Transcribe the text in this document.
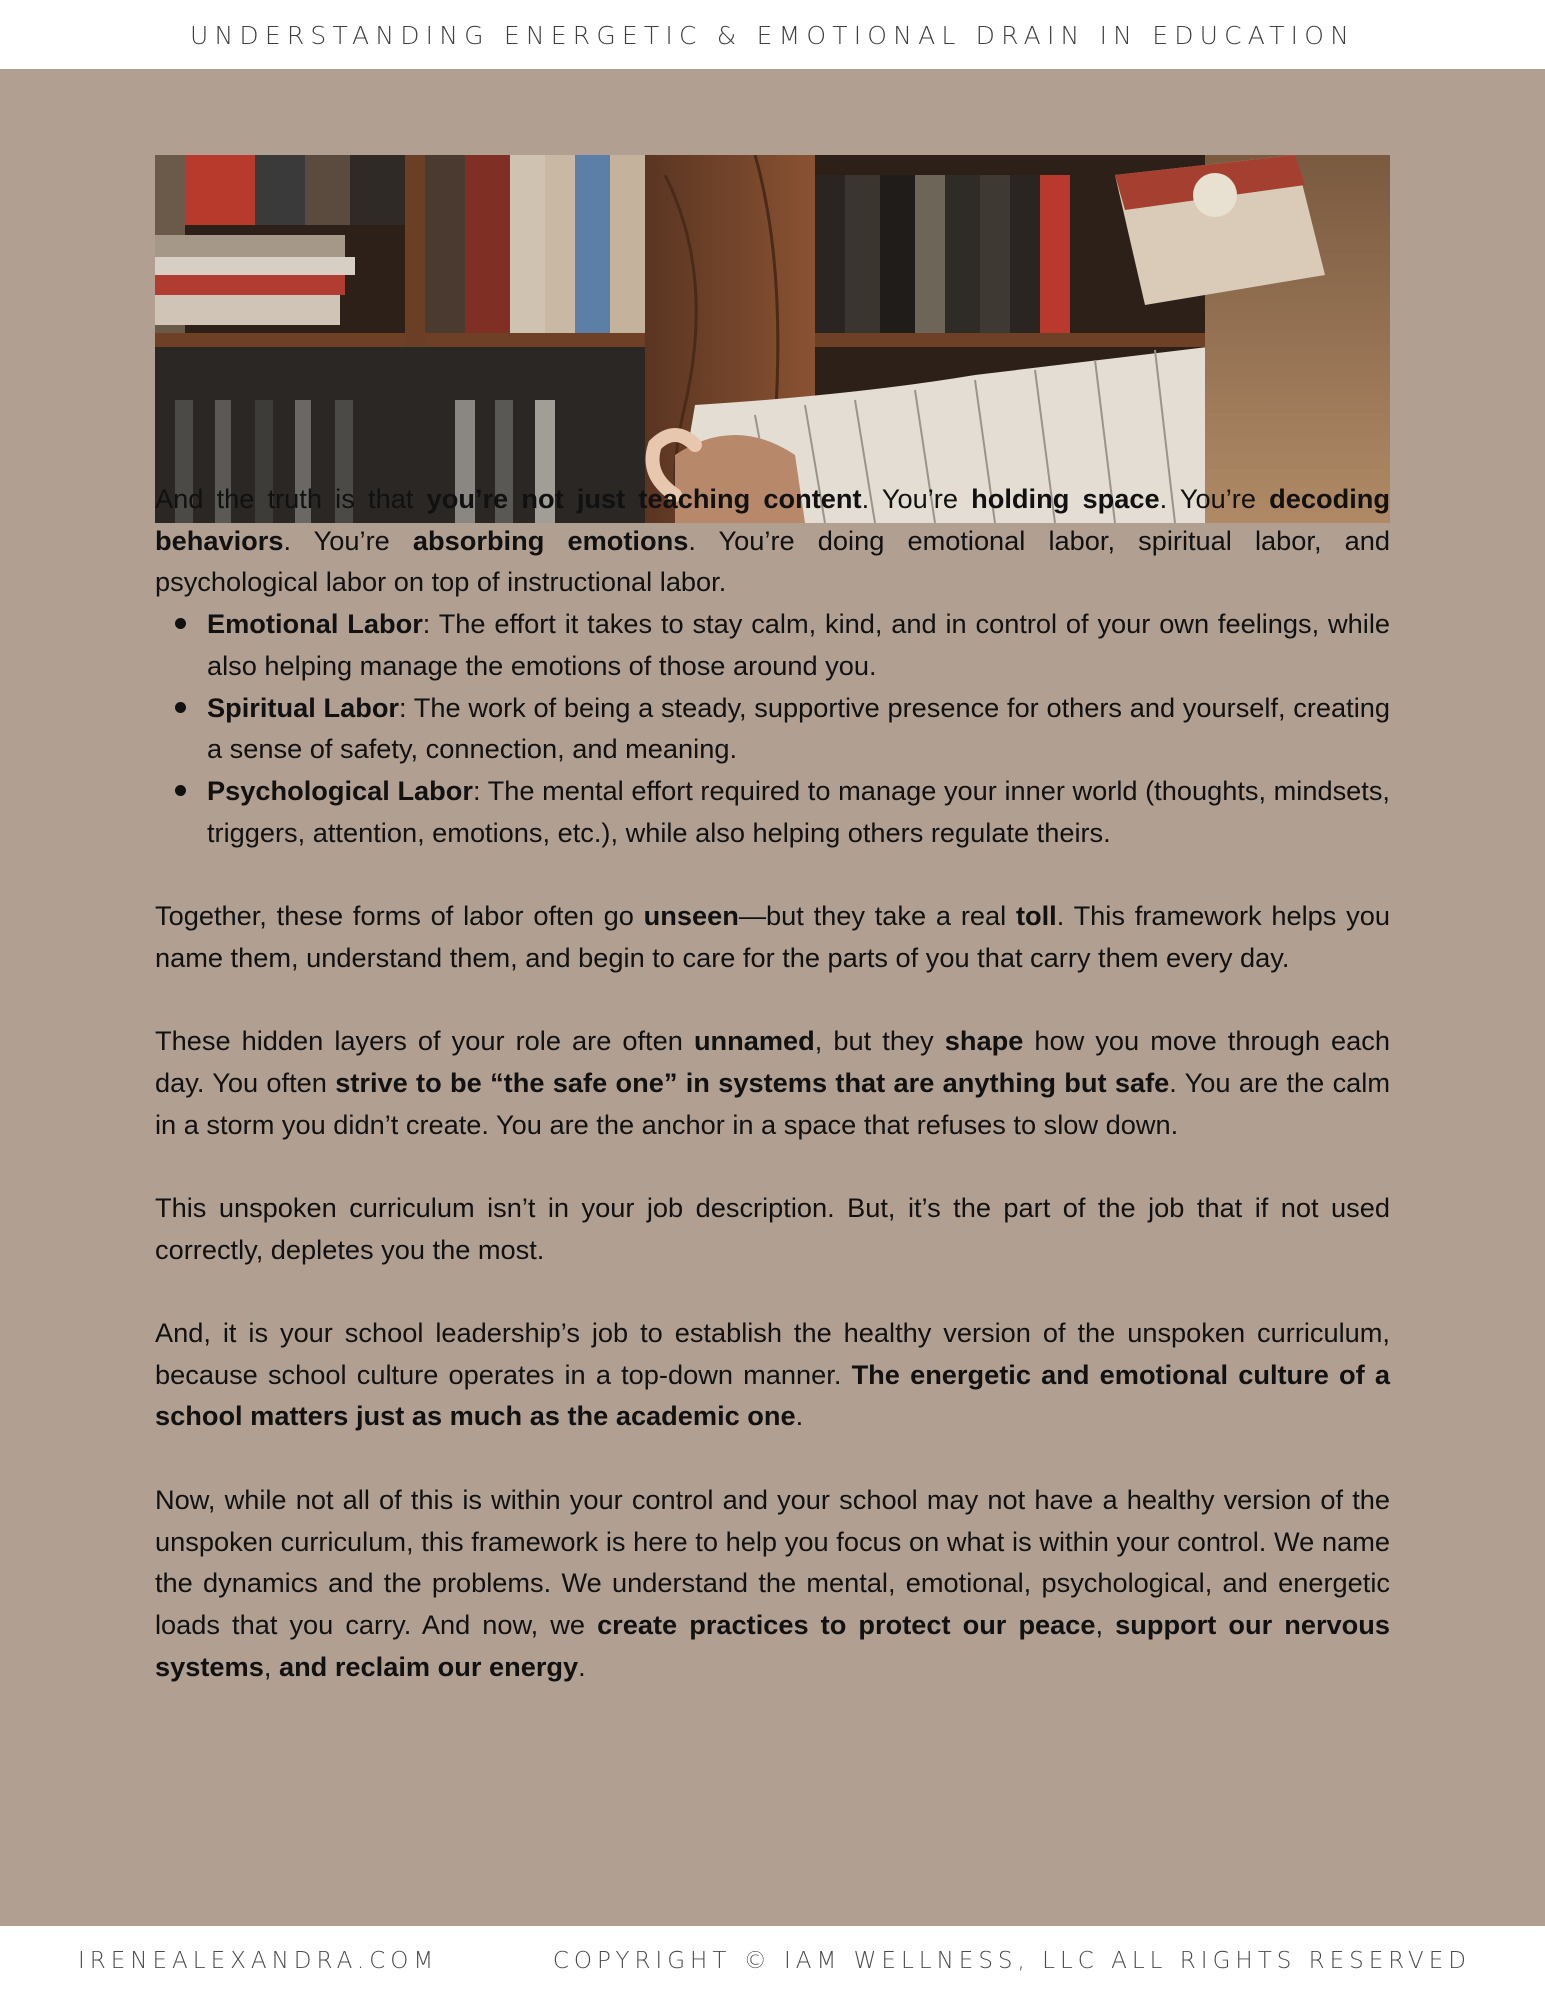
UNDERSTANDING ENERGETIC & EMOTIONAL DRAIN IN EDUCATION

And the truth is that you’re not just teaching content. You’re holding space. You’re decoding behaviors. You’re absorbing emotions. You’re doing emotional labor, spiritual labor, and psychological labor on top of instructional labor.

Emotional Labor: The effort it takes to stay calm, kind, and in control of your own feelings, while also helping manage the emotions of those around you.
Spiritual Labor: The work of being a steady, supportive presence for others and yourself, creating a sense of safety, connection, and meaning.
Psychological Labor: The mental effort required to manage your inner world (thoughts, mindsets, triggers, attention, emotions, etc.), while also helping others regulate theirs.

Together, these forms of labor often go unseen—but they take a real toll. This framework helps you name them, understand them, and begin to care for the parts of you that carry them every day.

These hidden layers of your role are often unnamed, but they shape how you move through each day. You often strive to be “the safe one” in systems that are anything but safe. You are the calm in a storm you didn’t create. You are the anchor in a space that refuses to slow down.

This unspoken curriculum isn’t in your job description. But, it’s the part of the job that if not used correctly, depletes you the most.

And, it is your school leadership’s job to establish the healthy version of the unspoken curriculum, because school culture operates in a top-down manner. The energetic and emotional culture of a school matters just as much as the academic one.

Now, while not all of this is within your control and your school may not have a healthy version of the unspoken curriculum, this framework is here to help you focus on what is within your control. We name the dynamics and the problems. We understand the mental, emotional, psychological, and energetic loads that you carry. And now, we create practices to protect our peace, support our nervous systems, and reclaim our energy.

IRENEALEXANDRA.COM	COPYRIGHT © IAM WELLNESS, LLC ALL RIGHTS RESERVED
